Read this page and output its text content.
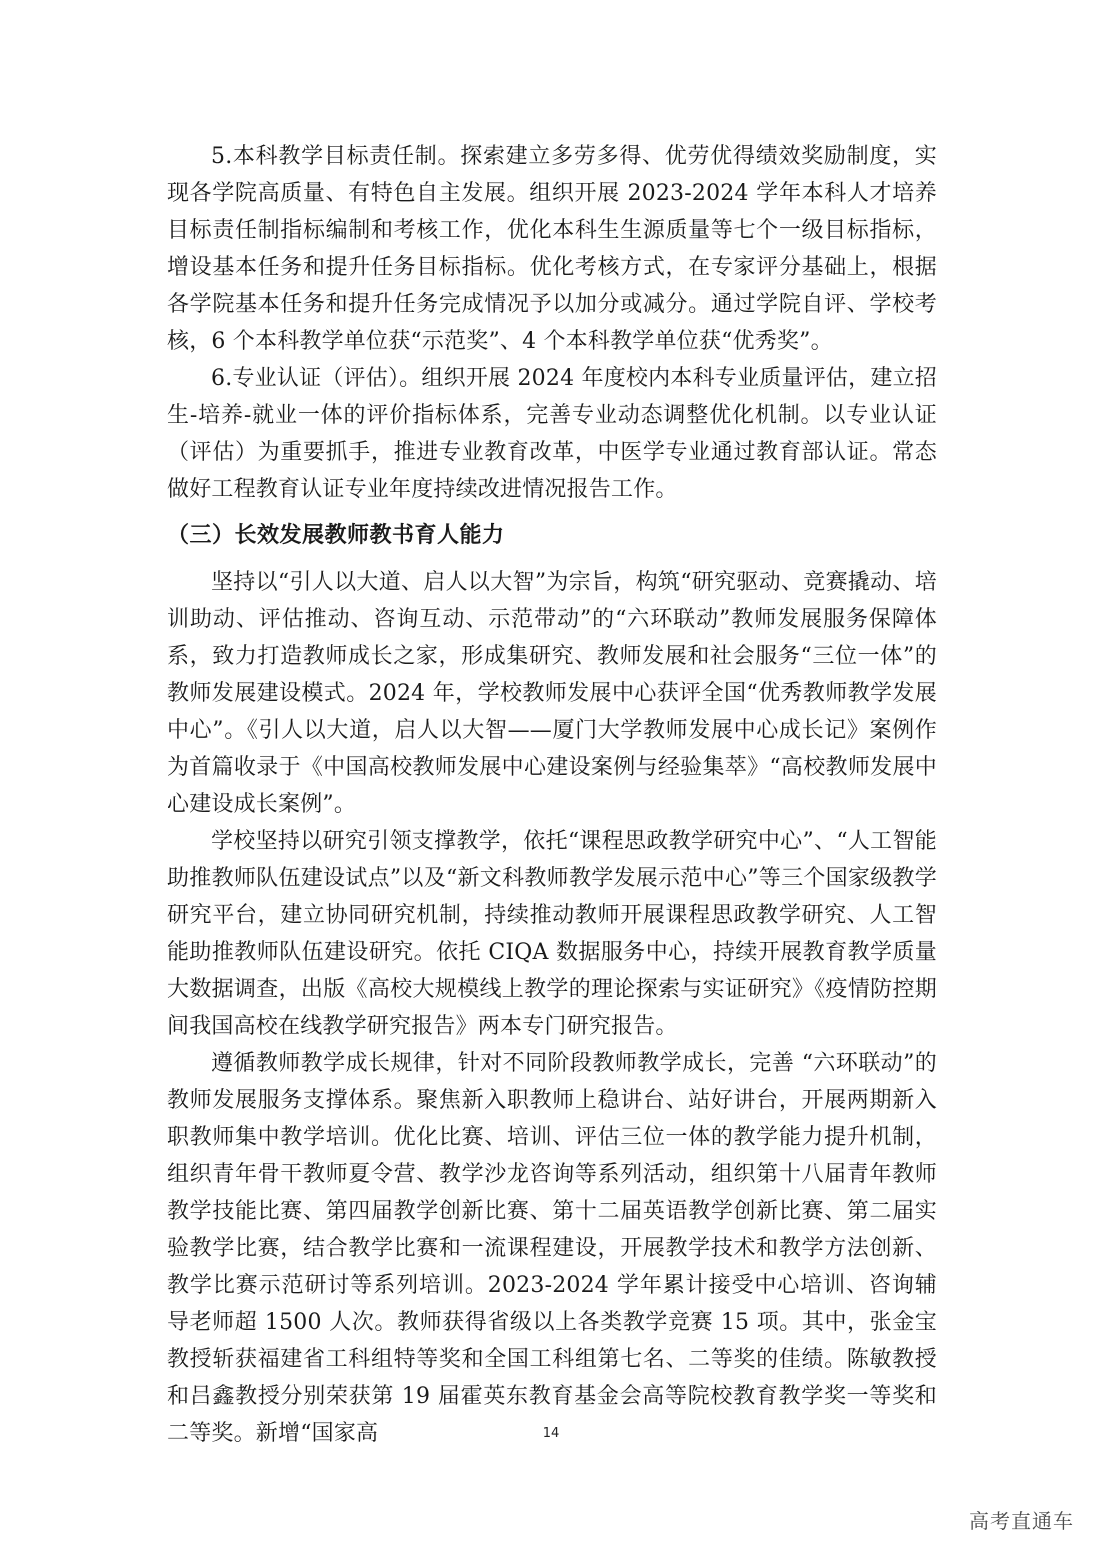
5.本科教学目标责任制。探索建立多劳多得、优劳优得绩效奖励制度，实现各学院高质量、有特色自主发展。组织开展 2023-2024 学年本科人才培养目标责任制指标编制和考核工作，优化本科生生源质量等七个一级目标指标，增设基本任务和提升任务目标指标。优化考核方式，在专家评分基础上，根据各学院基本任务和提升任务完成情况予以加分或减分。通过学院自评、学校考核，6 个本科教学单位获“示范奖”、4 个本科教学单位获“优秀奖”。

6.专业认证（评估）。组织开展 2024 年度校内本科专业质量评估，建立招生-培养-就业一体的评价指标体系，完善专业动态调整优化机制。以专业认证（评估）为重要抓手，推进专业教育改革，中医学专业通过教育部认证。常态做好工程教育认证专业年度持续改进情况报告工作。

（三）长效发展教师教书育人能力

坚持以“引人以大道、启人以大智”为宗旨，构筑“研究驱动、竞赛撬动、培训助动、评估推动、咨询互动、示范带动”的“六环联动”教师发展服务保障体系，致力打造教师成长之家，形成集研究、教师发展和社会服务“三位一体”的教师发展建设模式。2024 年，学校教师发展中心获评全国“优秀教师教学发展中心”。《引人以大道，启人以大智——厦门大学教师发展中心成长记》案例作为首篇收录于《中国高校教师发展中心建设案例与经验集萃》“高校教师发展中心建设成长案例”。

学校坚持以研究引领支撑教学，依托“课程思政教学研究中心”、“人工智能助推教师队伍建设试点”以及“新文科教师教学发展示范中心”等三个国家级教学研究平台，建立协同研究机制，持续推动教师开展课程思政教学研究、人工智能助推教师队伍建设研究。依托 CIQA 数据服务中心，持续开展教育教学质量大数据调查，出版《高校大规模线上教学的理论探索与实证研究》《疫情防控期间我国高校在线教学研究报告》两本专门研究报告。

遵循教师教学成长规律，针对不同阶段教师教学成长，完善 “六环联动”的教师发展服务支撑体系。聚焦新入职教师上稳讲台、站好讲台，开展两期新入职教师集中教学培训。优化比赛、培训、评估三位一体的教学能力提升机制，组织青年骨干教师夏令营、教学沙龙咨询等系列活动，组织第十八届青年教师教学技能比赛、第四届教学创新比赛、第十二届英语教学创新比赛、第二届实验教学比赛，结合教学比赛和一流课程建设，开展教学技术和教学方法创新、教学比赛示范研讨等系列培训。2023-2024 学年累计接受中心培训、咨询辅导老师超 1500 人次。教师获得省级以上各类教学竞赛 15 项。其中，张金宝教授斩获福建省工科组特等奖和全国工科组第七名、二等奖的佳绩。陈敏教授和吕鑫教授分别荣获第 19 届霍英东教育基金会高等院校教育教学奖一等奖和二等奖。新增“国家高	14
高考直通车
